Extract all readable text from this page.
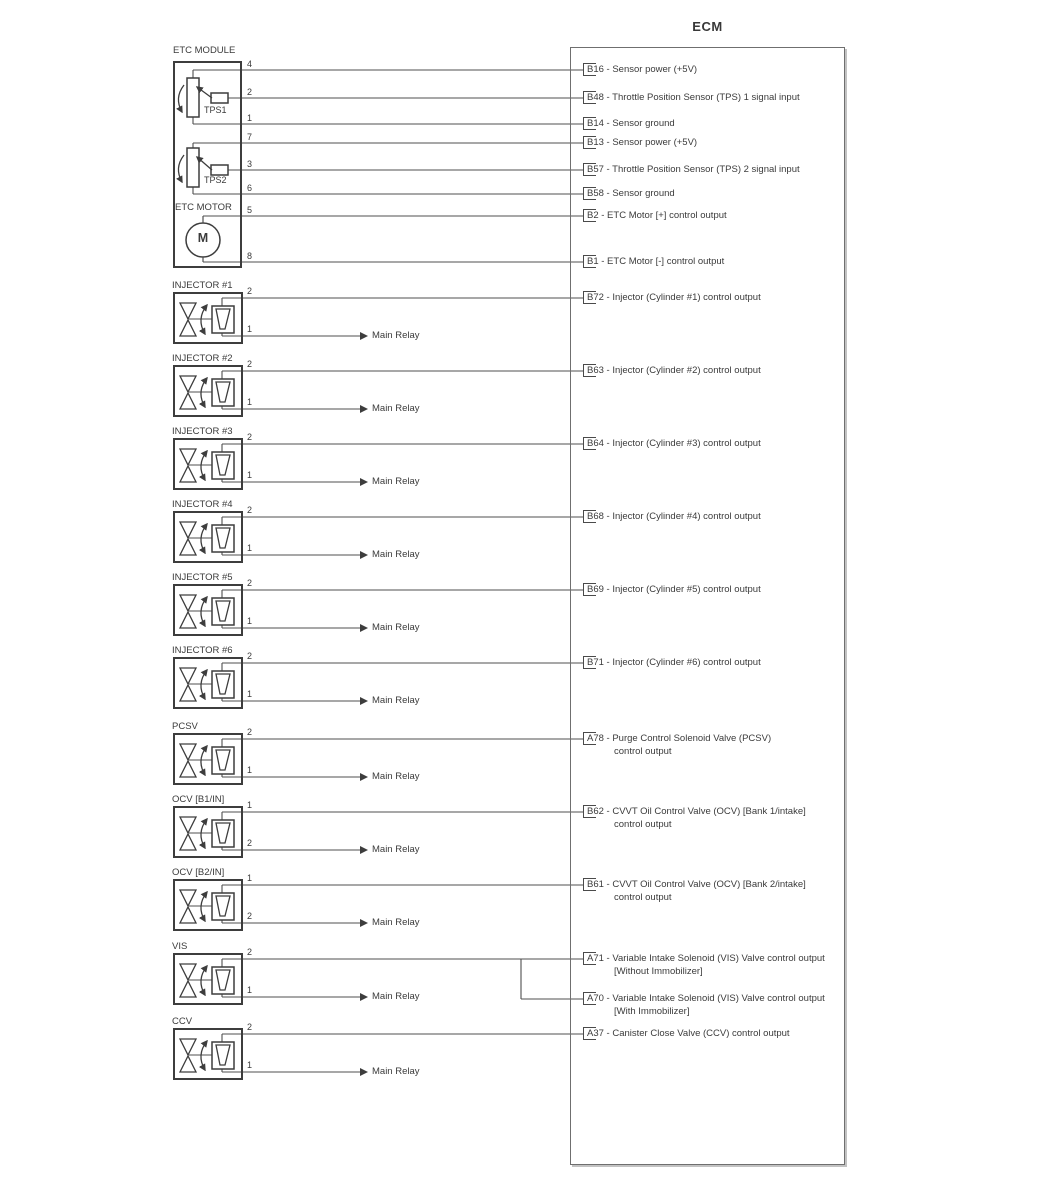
ECM
ETC MODULE
TPS1
TPS2
ETC MOTOR
M
B16 - Sensor power (+5V)
B48 - Throttle Position Sensor (TPS) 1 signal input
B14 - Sensor ground
B13 - Sensor power (+5V)
B57 - Throttle Position Sensor (TPS) 2 signal input
B58 - Sensor ground
B2 - ETC Motor [+] control output
B1 - ETC Motor [-] control output
B72 - Injector (Cylinder #1) control output
B63 - Injector (Cylinder #2) control output
B64 - Injector (Cylinder #3) control output
B68 - Injector (Cylinder #4) control output
B69 - Injector (Cylinder #5) control output
B71 - Injector (Cylinder #6) control output
A78 - Purge Control Solenoid Valve (PCSV)
control output
B62 - CVVT Oil Control Valve (OCV) [Bank 1/intake]
control output
B61 - CVVT Oil Control Valve (OCV) [Bank 2/intake]
control output
A71 - Variable Intake Solenoid (VIS) Valve control output
[Without Immobilizer]
A70 - Variable Intake Solenoid (VIS) Valve control output
[With Immobilizer]
A37 - Canister Close Valve (CCV) control output
4
2
1
7
3
6
5
8
INJECTOR #1 2
1
Main Relay
INJECTOR #2 2
1
Main Relay
INJECTOR #3 2
1
Main Relay
INJECTOR #4 2
1
Main Relay
INJECTOR #5 2
1
Main Relay
INJECTOR #6 2
1
Main Relay
PCSV	2
1
Main Relay
OCV [B1/IN]	1
2
Main Relay
OCV [B2/IN]	1
2
Main Relay
VIS	2
1
Main Relay
CCV	2
1
Main Relay
